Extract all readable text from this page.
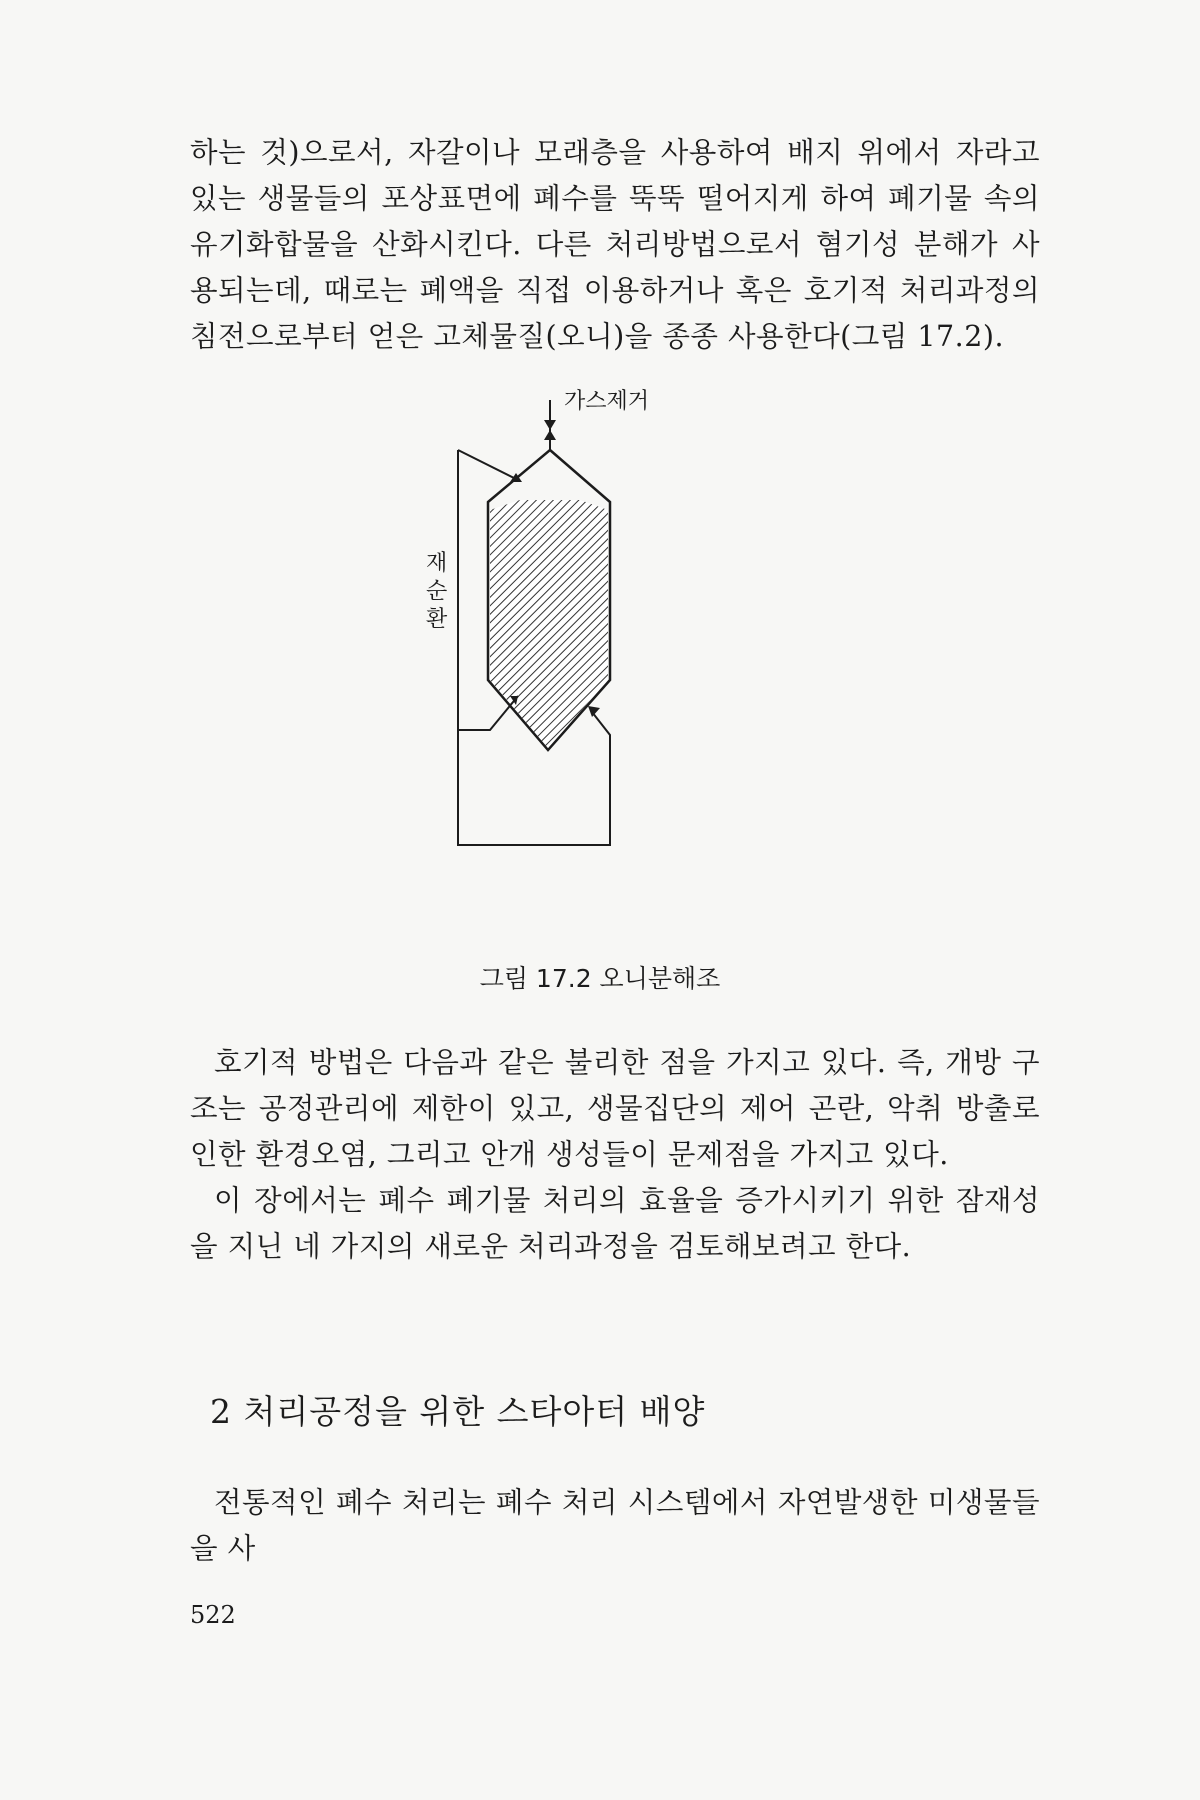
하는 것)으로서, 자갈이나 모래층을 사용하여 배지 위에서 자라고 있는 생물들의 포상표면에 폐수를 뚝뚝 떨어지게 하여 폐기물 속의 유기화합물을 산화시킨다. 다른 처리방법으로서 혐기성 분해가 사용되는데, 때로는 폐액을 직접 이용하거나 혹은 호기적 처리과정의 침전으로부터 얻은 고체물질(오니)을 종종 사용한다(그림 17.2).

가스제거
재
순
환
그림 17.2 오니분해조

호기적 방법은 다음과 같은 불리한 점을 가지고 있다. 즉, 개방 구조는 공정관리에 제한이 있고, 생물집단의 제어 곤란, 악취 방출로 인한 환경오염, 그리고 안개 생성들이 문제점을 가지고 있다.

이 장에서는 폐수 폐기물 처리의 효율을 증가시키기 위한 잠재성을 지닌 네 가지의 새로운 처리과정을 검토해보려고 한다.

2 처리공정을 위한 스타아터 배양

전통적인 폐수 처리는 폐수 처리 시스템에서 자연발생한 미생물들을 사

522
